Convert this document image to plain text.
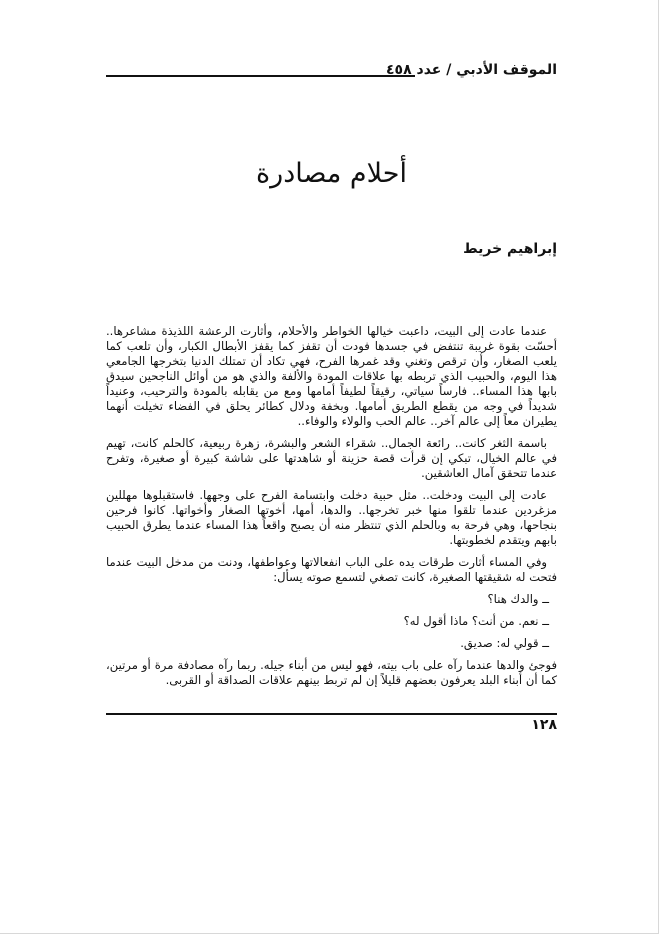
الموقف الأدبي / عدد ٤٥٨
أحلام مصادرة
إبراهيم خريط

عندما عادت إلى البيت، داعبت خيالها الخواطر والأحلام، وأثارت الرعشة اللذيذة مشاعرها.. أحسّت بقوة غريبة تنتفض في جسدها فودت أن تقفز كما يقفز الأبطال الكبار، وأن تلعب كما يلعب الصغار، وأن ترقص وتغني وقد غمرها الفرح، فهي تكاد أن تمتلك الدنيا بتخرجها الجامعي هذا اليوم، والحبيب الذي تربطه بها علاقات المودة والألفة والذي هو من أوائل الناجحين سيدق بابها هذا المساء.. فارساً سياتي، رقيقاً لطيفاً أمامها ومع من يقابله بالمودة والترحيب، وعنيداً شديداً في وجه من يقطع الطريق أمامها. وبخفة ودلال كطائر يحلق في الفضاء تخيلت أنهما يطيران معاً إلى عالم آخر.. عالم الحب والولاء والوفاء..

باسمة الثغر كانت.. رائعة الجمال.. شقراء الشعر والبشرة، زهرة ربيعية، كالحلم كانت، تهيم في عالم الخيال، تبكي إن قرأت قصة حزينة أو شاهدتها على شاشة كبيرة أو صغيرة، وتفرح عندما تتحقق آمال العاشقين.

عادت إلى البيت ودخلت.. مثل حبية دخلت وابتسامة الفرح على وجهها. فاستقبلوها مهللين مزغردين عندما تلقوا منها خبر تخرجها.. والدها، أمها، أخوتها الصغار وأخواتها. كانوا فرحين بنجاحها، وهي فرحة به وبالحلم الذي تنتظر منه أن يصبح واقعاً هذا المساء عندما يطرق الحبيب بابهم ويتقدم لخطوبتها.

وفي المساء أثارت طرقات يده على الباب انفعالاتها وعواطفها، ودنت من مدخل البيت عندما فتحت له شقيقتها الصغيرة، كانت تصغي لتسمع صوته يسأل:

ــ والدك هنا؟

ــ نعم. من أنت؟ ماذا أقول له؟

ــ قولي له: صديق.

فوجئ والدها عندما رآه على باب بيته، فهو ليس من أبناء جيله. ربما رآه مصادفة مرة أو مرتين، كما أن أبناء البلد يعرفون بعضهم قليلاً إن لم تربط بينهم علاقات الصداقة أو القربى.

١٢٨
